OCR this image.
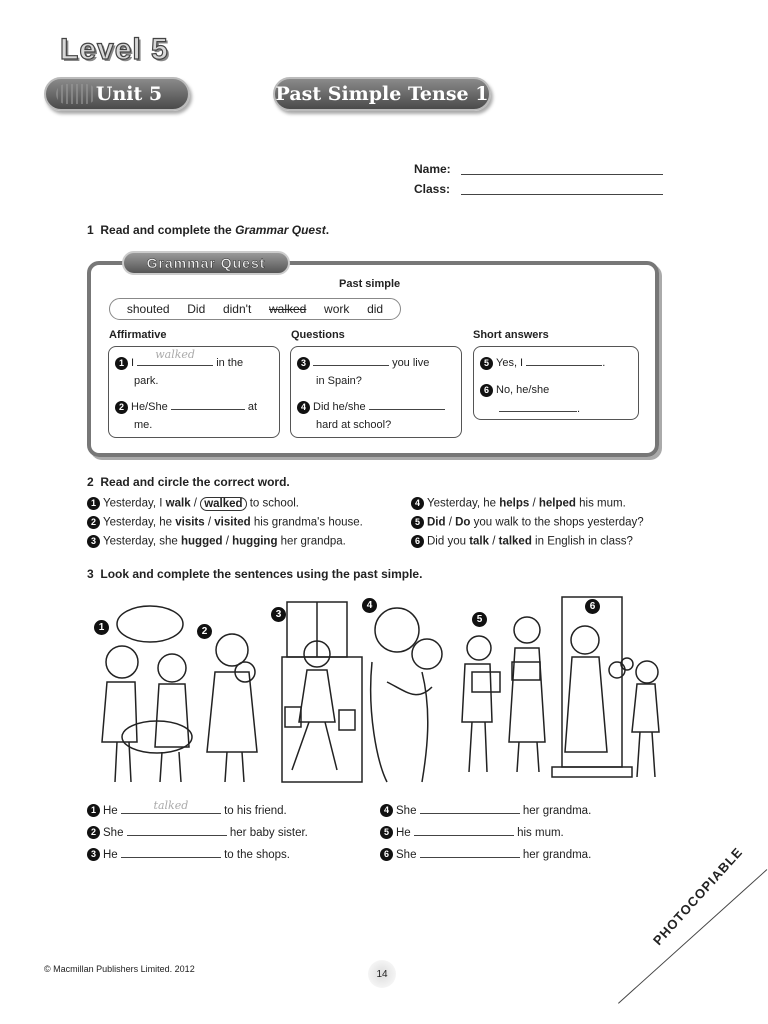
Level 5
Unit 5	Past Simple Tense 1
Name:
Class:
1 Read and complete the Grammar Quest.
Grammar Quest
Past simple
shouted Did didn't walked work did
Affirmative	Questions	Short answers
1 I
walked
in the
park.
2 He/She	at
me.
3	you live
in Spain?
4 Did he/she
hard at school?
5 Yes, I	.
6 No, he/she
.
2 Read and circle the correct word.
1 Yesterday, I walk / walked to school.
2 Yesterday, he visits / visited his grandma's house.
3 Yesterday, she hugged / hugging her grandpa.
4 Yesterday, he helps / helped his mum.
5 Did / Do you walk to the shops yesterday?
6 Did you talk / talked in English in class?
3 Look and complete the sentences using the past simple.
1	2
3
4
5
6
1 He	talked	to his friend.
2 She	her baby sister.
3 He	to the shops.
4 She	her grandma.
5 He	his mum.
6 She	her grandma.
© Macmillan Publishers Limited. 2012	14
PHOTOCOPIABLE
